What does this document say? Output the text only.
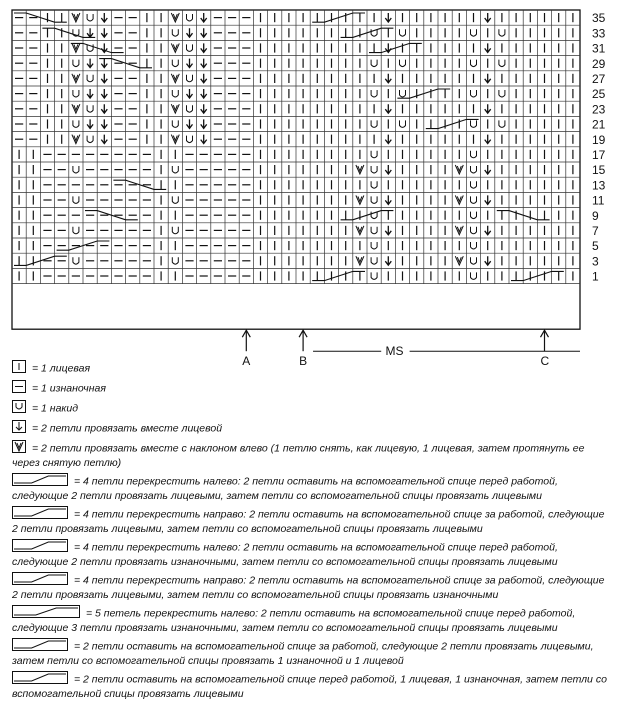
35
33
31
29
27
25
23
21
19
17
15
13
11
9
7
5
3
1
A	B
MS
C
= 1 лицевая
= 1 изнаночная
= 1 накид
= 2 петли провязать вместе лицевой
= 2 петли провязать вместе с наклоном влево (1 петлю снять, как лицевую, 1 лицевая, затем протянуть ее через снятую петлю)
= 4 петли перекрестить налево: 2 петли оставить на вспомогательной спице перед работой, следующие 2 петли провязать лицевыми, затем петли со вспомогательной спицы провязать лицевыми
= 4 петли перекрестить направо: 2 петли оставить на вспомогательной спице за работой, следующие 2 петли провязать лицевыми, затем петли со вспомогательной спицы провязать лицевыми
= 4 петли перекрестить налево: 2 петли оставить на вспомогательной спице перед работой, следующие 2 петли провязать изнаночными, затем петли со вспомогательной спицы провязать лицевыми
= 4 петли перекрестить направо: 2 петли оставить на вспомогательной спице за работой, следующие 2 петли провязать лицевыми, затем петли со вспомогательной спицы провязать изнаночными
= 5 петель перекрестить налево: 2 петли оставить на вспомогательной спице перед работой, следующие 3 петли провязать изнаночными, затем петли со вспомогательной спицы провязать лицевыми
= 2 петли оставить на вспомогательной спице за работой, следующие 2 петли провязать лицевыми, затем петли со вспомогательной спицы провязать 1 изнаночной и 1 лицевой
= 2 петли оставить на вспомогательной спице перед работой, 1 лицевая, 1 изнаночная, затем петли со вспомогательной спицы провязать лицевыми
